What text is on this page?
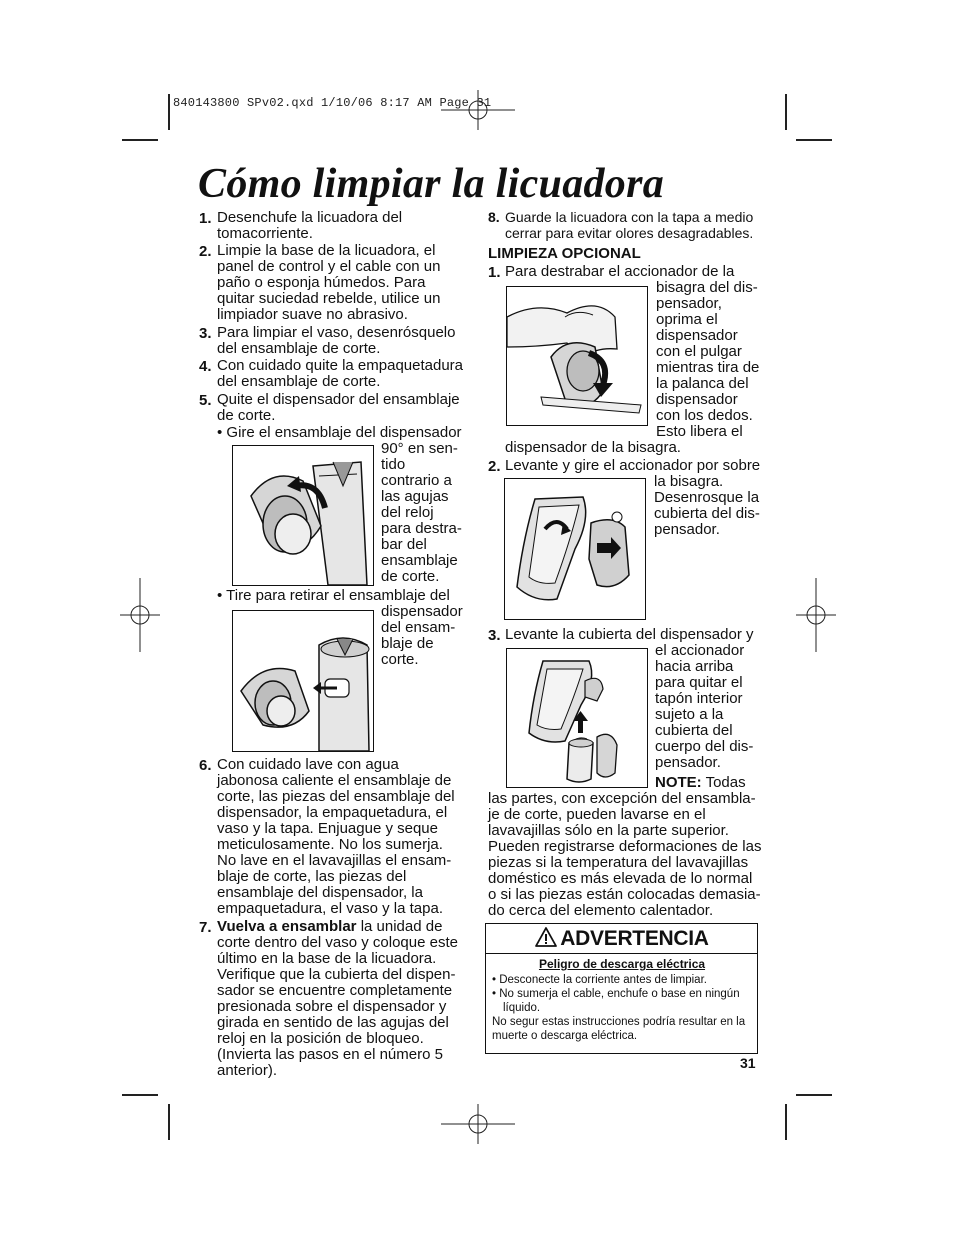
840143800 SPv02.qxd 1/10/06 8:17 AM Page 31
Cómo limpiar la licuadora
1. Desenchufe la licuadora del
tomacorriente.
2. Limpie la base de la licuadora, el
panel de control y el cable con un
paño o esponja húmedos. Para
quitar suciedad rebelde, utilice un
limpiador suave no abrasivo.
3. Para limpiar el vaso, desenrósquelo
del ensamblaje de corte.
4. Con cuidado quite la empaquetadura
del ensamblaje de corte.
5. Quite el dispensador del ensamblaje
de corte.
• Gire el ensamblaje del dispensador
90° en sen-
tido
contrario a
las agujas
del reloj
para destra-
bar del
ensamblaje
de corte.
• Tire para retirar el ensamblaje del
dispensador
del ensam-
blaje de
corte.
6. Con cuidado lave con agua
jabonosa caliente el ensamblaje de
corte, las piezas del ensamblaje del
dispensador, la empaquetadura, el
vaso y la tapa. Enjuague y seque
meticulosamente. No los sumerja.
No lave en el lavavajillas el ensam-
blaje de corte, las piezas del
ensamblaje del dispensador, la
empaquetadura, el vaso y la tapa.
7. Vuelva a ensamblar la unidad de
corte dentro del vaso y coloque este
último en la base de la licuadora.
Verifique que la cubierta del dispen-
sador se encuentre completamente
presionada sobre el dispensador y
girada en sentido de las agujas del
reloj en la posición de bloqueo.
(Invierta las pasos en el número 5
anterior).
8. Guarde la licuadora con la tapa a medio
cerrar para evitar olores desagradables.
LIMPIEZA OPCIONAL
1. Para destrabar el accionador de la
bisagra del dis-
pensador,
oprima el
dispensador
con el pulgar
mientras tira de
la palanca del
dispensador
con los dedos.
Esto libera el
dispensador de la bisagra.
2. Levante y gire el accionador por sobre
la bisagra.
Desenrosque la
cubierta del dis-
pensador.
3. Levante la cubierta del dispensador y
el accionador
hacia arriba
para quitar el
tapón interior
sujeto a la
cubierta del
cuerpo del dis-
pensador.
NOTE: Todas
las partes, con excepción del ensambla-
je de corte, pueden lavarse en el
lavavajillas sólo en la parte superior.
Pueden registrarse deformaciones de las
piezas si la temperatura del lavavajillas
doméstico es más elevada de lo normal
o si las piezas están colocadas demasia-
do cerca del elemento calentador.
ADVERTENCIA
Peligro de descarga eléctrica
• Desconecte la corriente antes de limpiar.
• No sumerja el cable, enchufe o base en ningún
líquido.
No segur estas instrucciones podría resultar en la
muerte o descarga eléctrica.
31
